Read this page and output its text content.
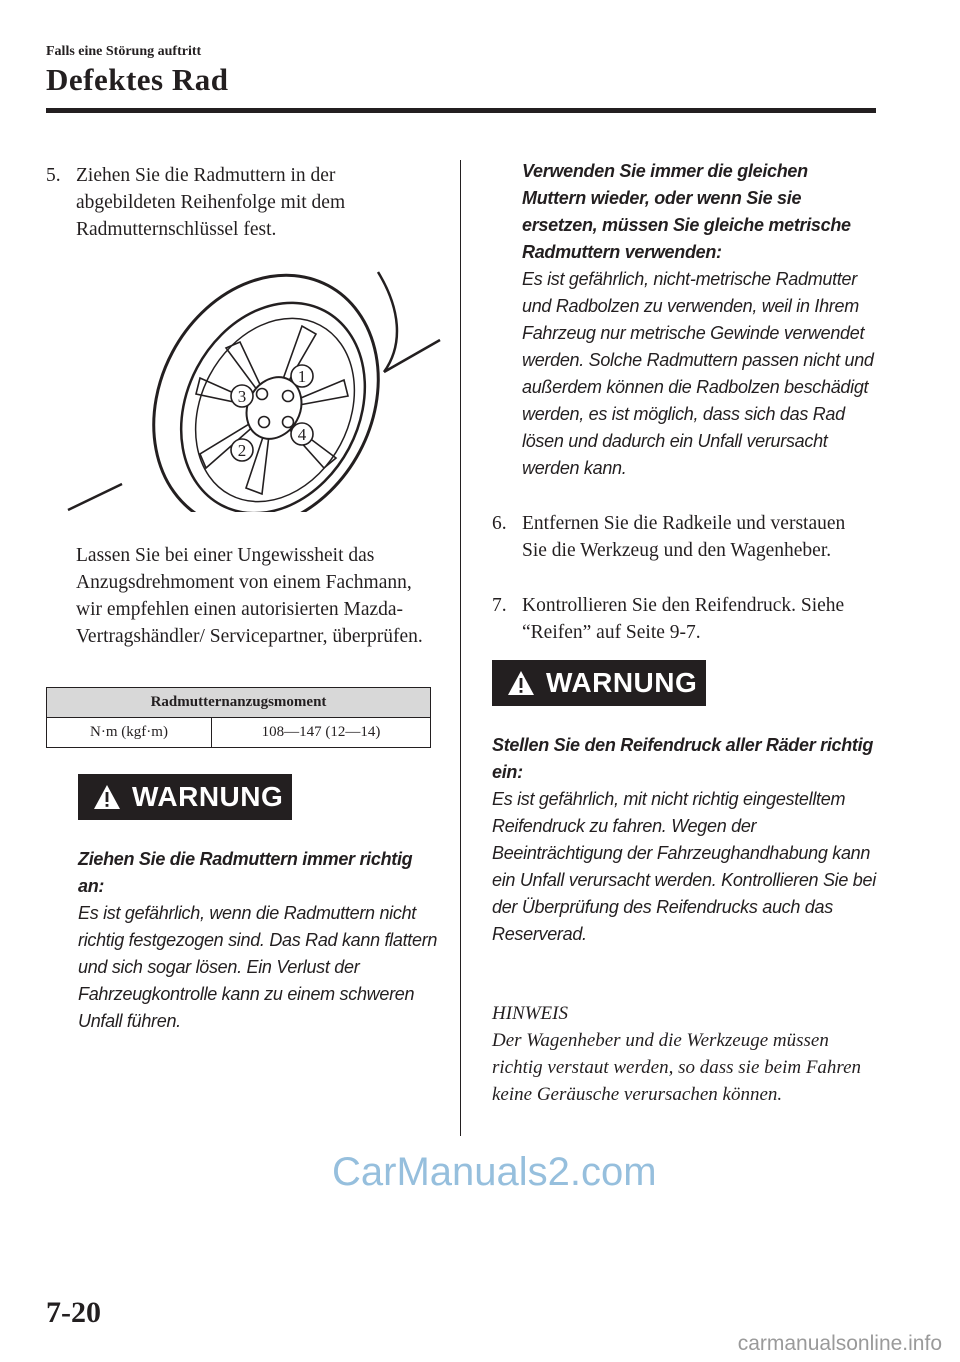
Falls eine Störung auftritt
Defektes Rad
5. Ziehen Sie die Radmuttern in der abgebildeten Reihenfolge mit dem Radmutternschlüssel fest.
1
2
3
4
Lassen Sie bei einer Ungewissheit das Anzugsdrehmoment von einem Fachmann, wir empfehlen einen autorisierten Mazda-Vertragshändler/ Servicepartner, überprüfen.
Radmutternanzugsmoment
N·m (kgf·m)	108―147 (12―14)
WARNUNG
Ziehen Sie die Radmuttern immer richtig an:
Es ist gefährlich, wenn die Radmuttern nicht richtig festgezogen sind. Das Rad kann flattern und sich sogar lösen. Ein Verlust der Fahrzeugkontrolle kann zu einem schweren Unfall führen.
Verwenden Sie immer die gleichen Muttern wieder, oder wenn Sie sie ersetzen, müssen Sie gleiche metrische Radmuttern verwenden:
Es ist gefährlich, nicht-metrische Radmutter und Radbolzen zu verwenden, weil in Ihrem Fahrzeug nur metrische Gewinde verwendet werden. Solche Radmuttern passen nicht und außerdem können die Radbolzen beschädigt werden, es ist möglich, dass sich das Rad lösen und dadurch ein Unfall verursacht werden kann.
6. Entfernen Sie die Radkeile und verstauen Sie die Werkzeug und den Wagenheber.
7. Kontrollieren Sie den Reifendruck. Siehe “Reifen” auf Seite 9-7.
WARNUNG
Stellen Sie den Reifendruck aller Räder richtig ein:
Es ist gefährlich, mit nicht richtig eingestelltem Reifendruck zu fahren. Wegen der Beeinträchtigung der Fahrzeughandhabung kann ein Unfall verursacht werden. Kontrollieren Sie bei der Überprüfung des Reifendrucks auch das Reserverad.
HINWEIS
Der Wagenheber und die Werkzeuge müssen richtig verstaut werden, so dass sie beim Fahren keine Geräusche verursachen können.
CarManuals2.com
7-20
carmanualsonline.info
